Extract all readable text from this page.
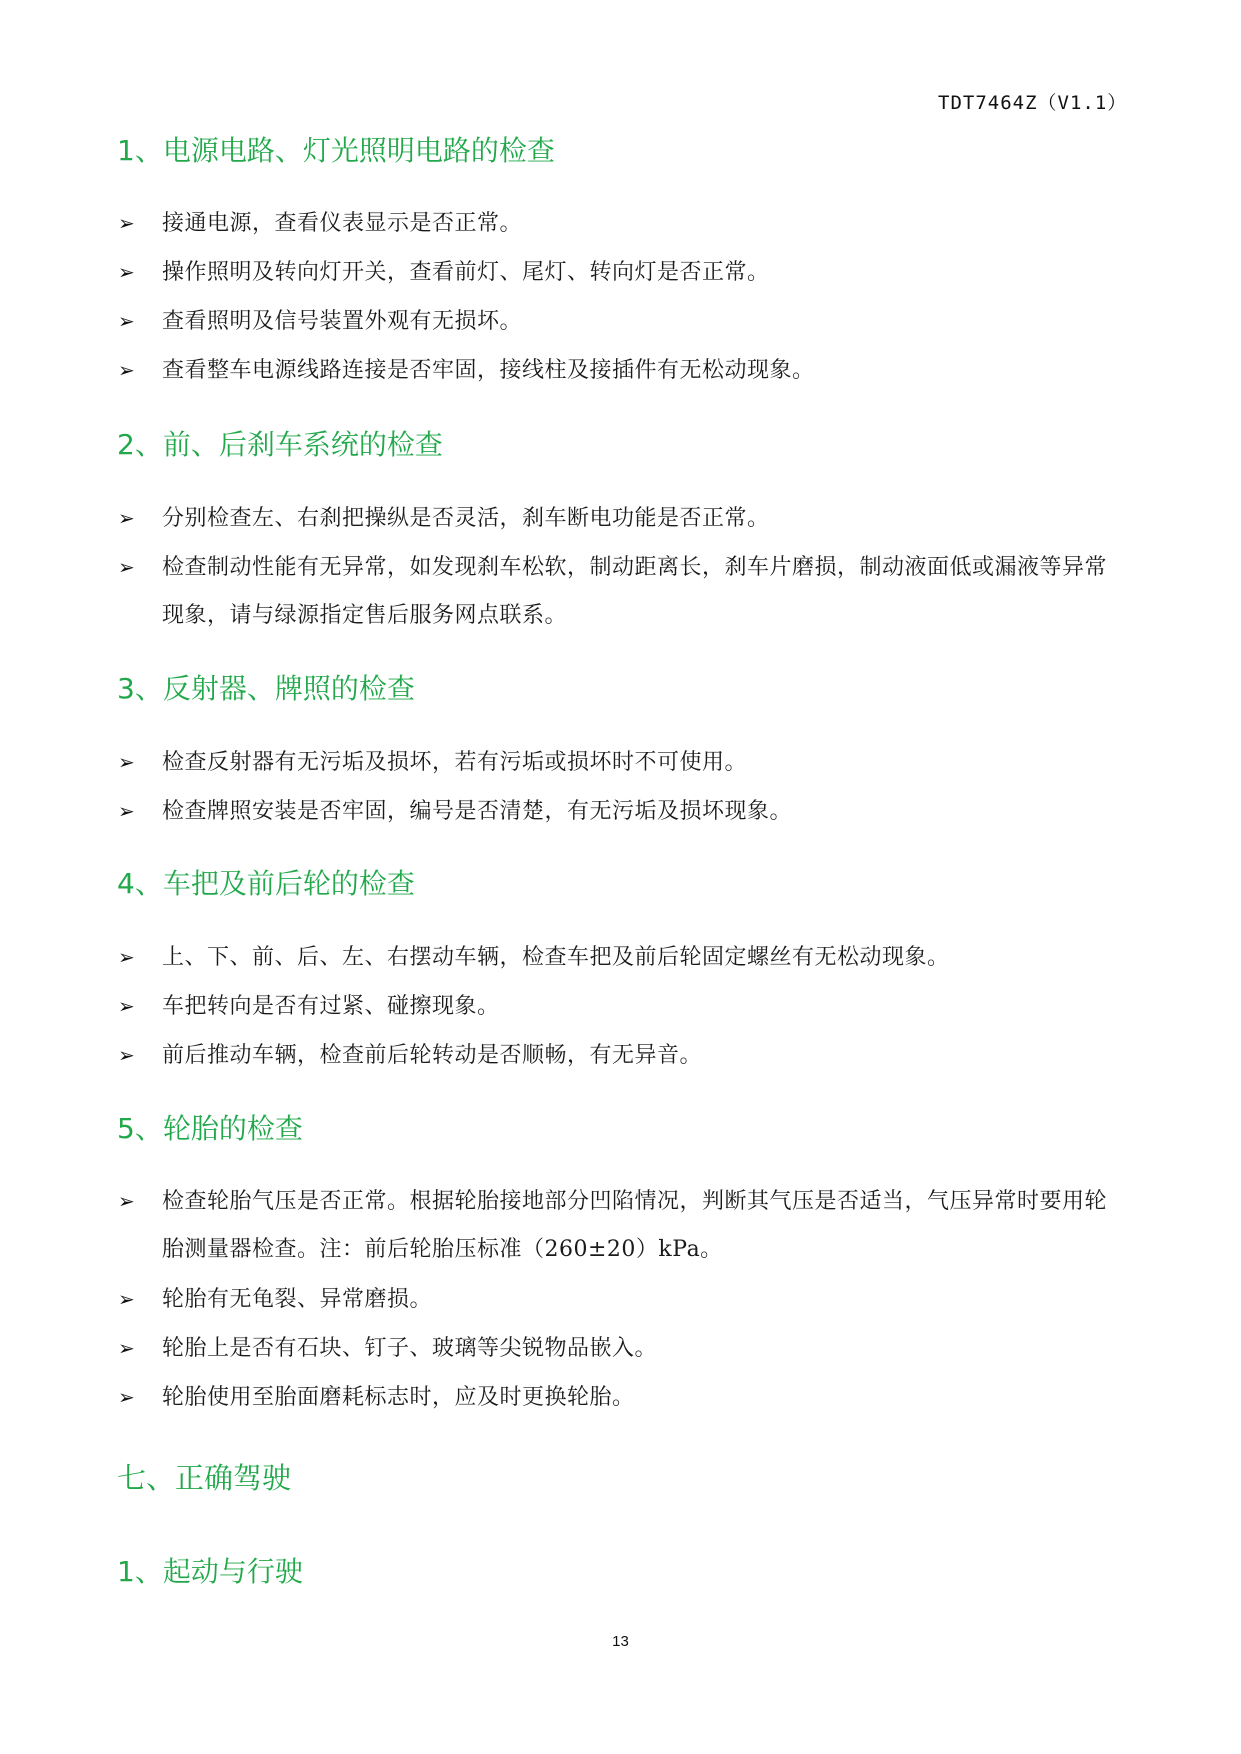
TDT7464Z（V1.1）
1、电源电路、灯光照明电路的检查
➢ 接通电源，查看仪表显示是否正常。
➢ 操作照明及转向灯开关，查看前灯、尾灯、转向灯是否正常。
➢ 查看照明及信号装置外观有无损坏。
➢ 查看整车电源线路连接是否牢固，接线柱及接插件有无松动现象。
2、前、后刹车系统的检查
➢ 分别检查左、右刹把操纵是否灵活，刹车断电功能是否正常。
➢ 检查制动性能有无异常，如发现刹车松软，制动距离长，刹车片磨损，制动液面低或漏液等异常现象，请与绿源指定售后服务网点联系。
3、反射器、牌照的检查
➢ 检查反射器有无污垢及损坏，若有污垢或损坏时不可使用。
➢ 检查牌照安装是否牢固，编号是否清楚，有无污垢及损坏现象。
4、车把及前后轮的检查
➢ 上、下、前、后、左、右摆动车辆，检查车把及前后轮固定螺丝有无松动现象。
➢ 车把转向是否有过紧、碰擦现象。
➢ 前后推动车辆，检查前后轮转动是否顺畅，有无异音。
5、轮胎的检查
➢ 检查轮胎气压是否正常。根据轮胎接地部分凹陷情况，判断其气压是否适当，气压异常时要用轮胎测量器检查。注：前后轮胎压标准（260±20）kPa。
➢ 轮胎有无龟裂、异常磨损。
➢ 轮胎上是否有石块、钉子、玻璃等尖锐物品嵌入。
➢ 轮胎使用至胎面磨耗标志时，应及时更换轮胎。
七、正确驾驶
1、起动与行驶
13
